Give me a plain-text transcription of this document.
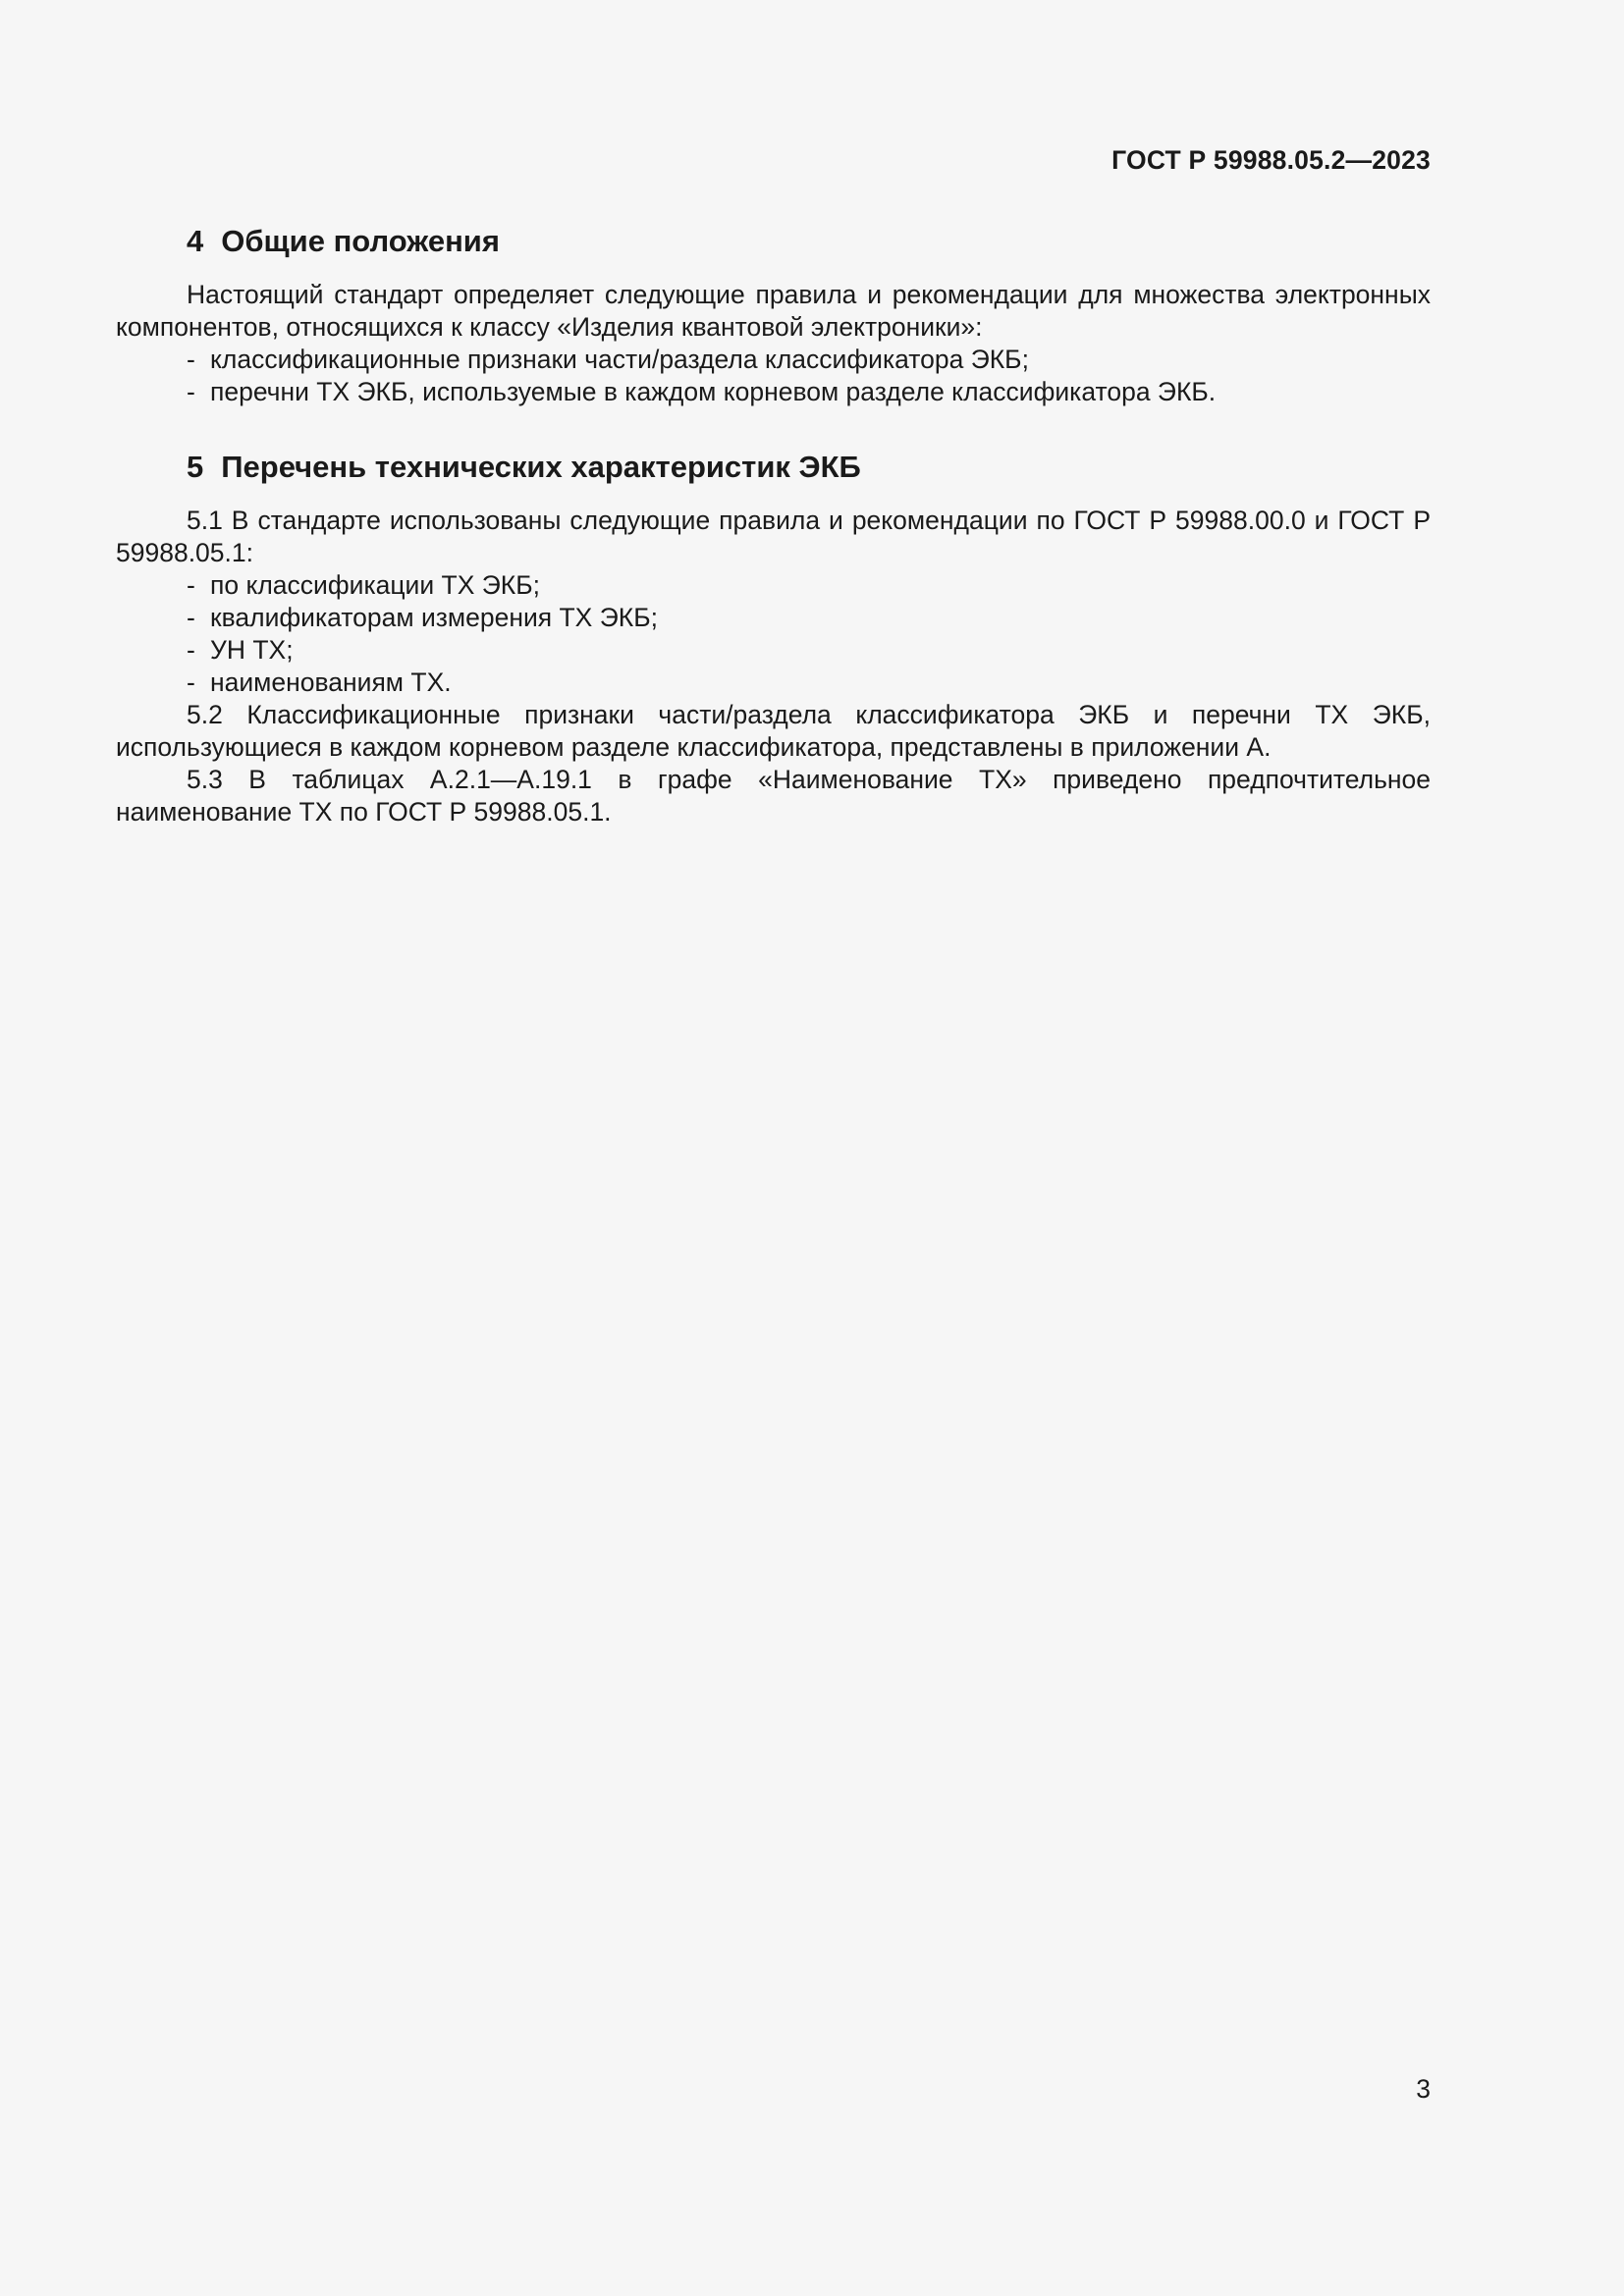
ГОСТ Р 59988.05.2—2023
4 Общие положения

Настоящий стандарт определяет следующие правила и рекомендации для множества электронных компонентов, относящихся к классу «Изделия квантовой электроники»:

- классификационные признаки части/раздела классификатора ЭКБ;
- перечни ТХ ЭКБ, используемые в каждом корневом разделе классификатора ЭКБ.
5 Перечень технических характеристик ЭКБ

5.1 В стандарте использованы следующие правила и рекомендации по ГОСТ Р 59988.00.0 и ГОСТ Р 59988.05.1:

- по классификации ТХ ЭКБ;
- квалификаторам измерения ТХ ЭКБ;
- УН ТХ;
- наименованиям ТХ.

5.2 Классификационные признаки части/раздела классификатора ЭКБ и перечни ТХ ЭКБ, использующиеся в каждом корневом разделе классификатора, представлены в приложении А.

5.3 В таблицах А.2.1—А.19.1 в графе «Наименование ТХ» приведено предпочтительное наименование ТХ по ГОСТ Р 59988.05.1.

3
